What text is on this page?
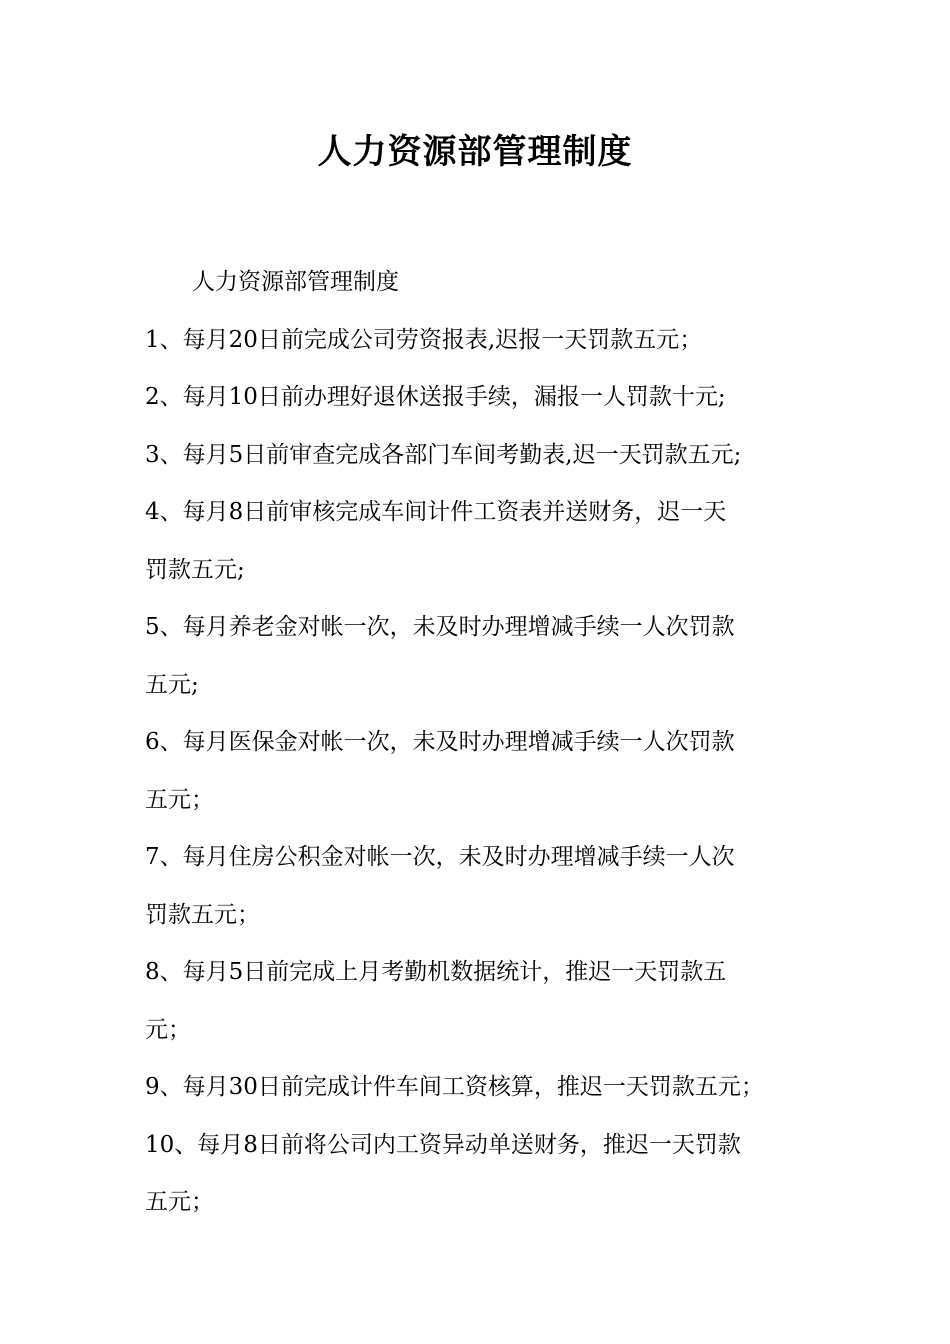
人力资源部管理制度

人力资源部管理制度

1、每月20日前完成公司劳资报表,迟报一天罚款五元；

2、每月10日前办理好退休送报手续，漏报一人罚款十元;

3、每月5日前审查完成各部门车间考勤表,迟一天罚款五元;

4、每月8日前审核完成车间计件工资表并送财务，迟一天

罚款五元;

5、每月养老金对帐一次，未及时办理增减手续一人次罚款

五元;

6、每月医保金对帐一次，未及时办理增减手续一人次罚款

五元；

7、每月住房公积金对帐一次，未及时办理增减手续一人次

罚款五元；

8、每月5日前完成上月考勤机数据统计，推迟一天罚款五

元；

9、每月30日前完成计件车间工资核算，推迟一天罚款五元；

10、每月8日前将公司内工资异动单送财务，推迟一天罚款

五元；
